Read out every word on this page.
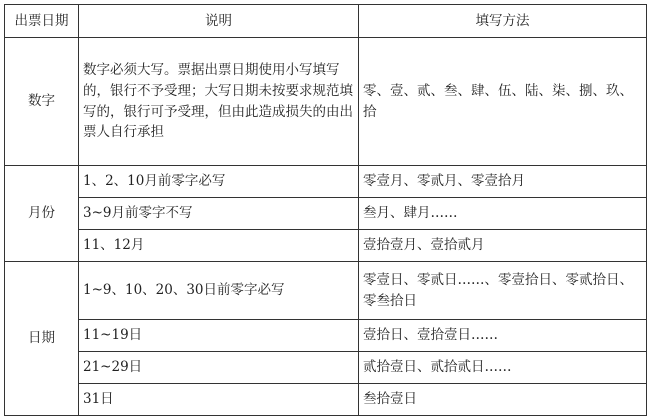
出票日期	说明	填写方法
数字	数字必须大写。票据出票日期使用小写填写的，银行不予受理；大写日期未按要求规范填写的，银行可予受理，但由此造成损失的由出票人自行承担	零、壹、贰、叁、肆、伍、陆、柒、捌、玖、拾
月份	1、2、10月前零字必写	零壹月、零贰月、零壹拾月
	3~9月前零字不写	叁月、肆月……
	11、12月	壹拾壹月、壹拾贰月
日期	1~9、10、20、30日前零字必写	零壹日、零贰日……、零壹拾日、零贰拾日、零叁拾日
	11~19日	壹拾日、壹拾壹日……
	21~29日	贰拾壹日、贰拾贰日……
	31日	叁拾壹日
